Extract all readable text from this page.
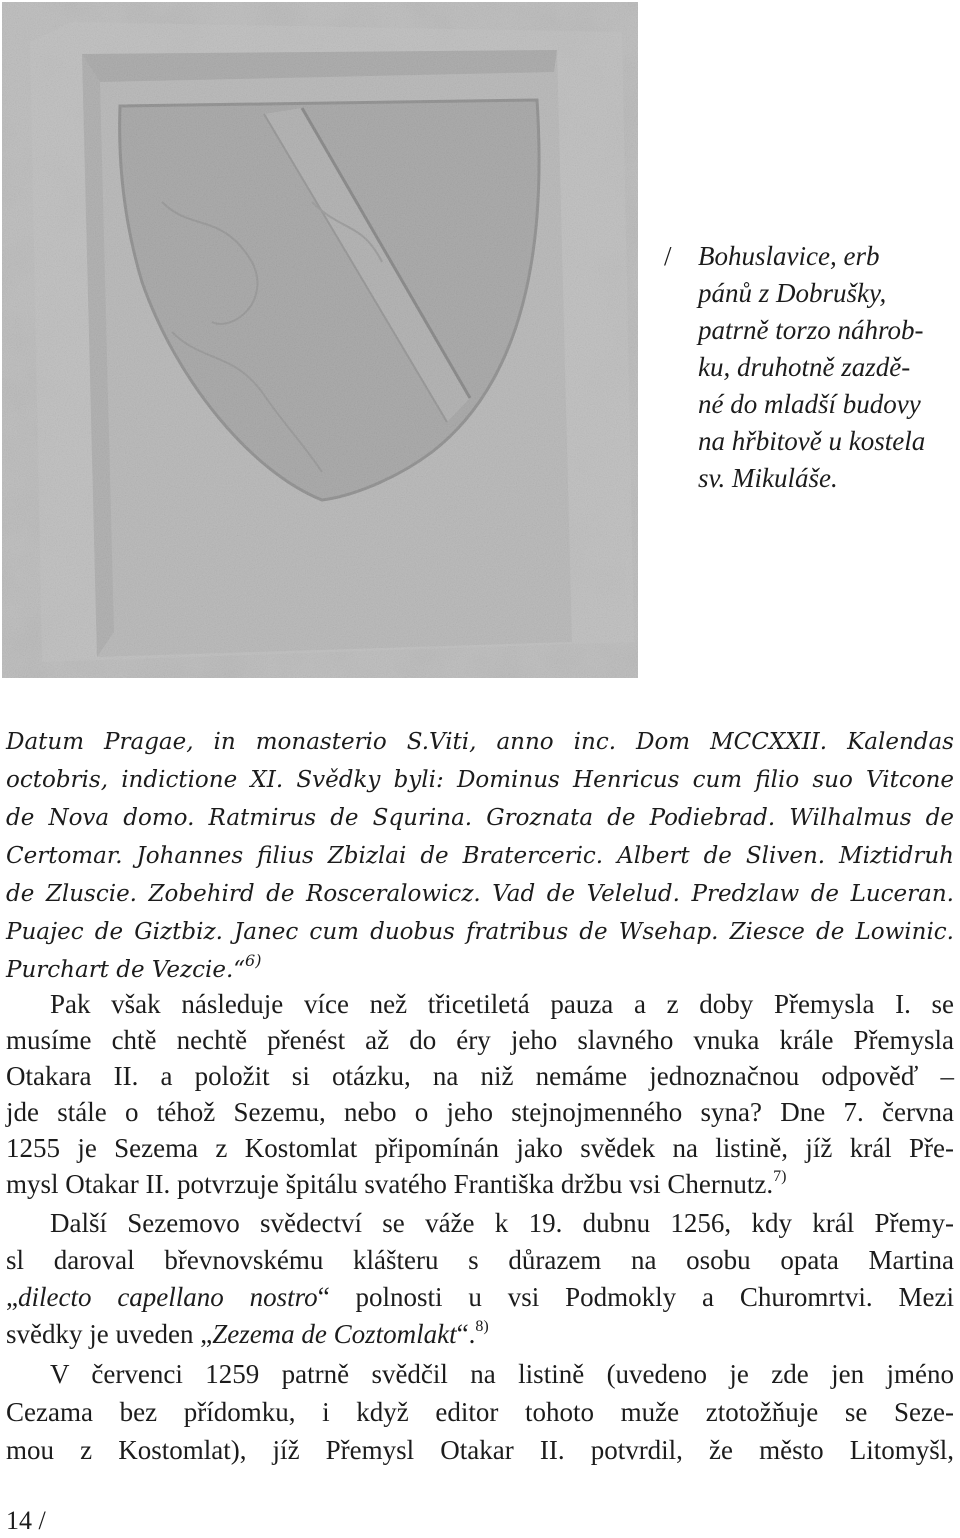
/ Bohuslavice, erb
pánů z Dobrušky,
patrně torzo náhrob-
ku, druhotně zazdě-
né do mladší budovy
na hřbitově u kostela
sv. Mikuláše.
Datum Pragae, in monasterio S.Viti, anno inc. Dom MCCXXII. Kalendas
octobris, indictione XI. Svědky byli: Dominus Henricus cum filio suo Vitcone
de Nova domo. Ratmirus de Squrina. Groznata de Podiebrad. Wilhalmus de
Certomar. Johannes filius Zbizlai de Braterceric. Albert de Sliven. Miztidruh
de Zluscie. Zobehird de Rosceralowicz. Vad de Velelud. Predzlaw de Luceran.
Puajec de Giztbiz. Janec cum duobus fratribus de Wsehap. Ziesce de Lowinic.
Purchart de Vezcie.“$^{6)}$
Pak však následuje více než třicetiletá pauza a z doby Přemysla I. se
musíme chtě nechtě přenést až do éry jeho slavného vnuka krále Přemysla
Otakara II. a položit si otázku, na niž nemáme jednoznačnou odpověď –
jde stále o téhož Sezemu, nebo o jeho stejnojmenného syna? Dne 7. června
1255 je Sezema z Kostomlat připomínán jako svědek na listině, jíž král Pře-
mysl Otakar II. potvrzuje špitálu svatého Františka držbu vsi Chernutz.$^{7)}$
Další Sezemovo svědectví se váže k 19. dubnu 1256, kdy král Přemy-
sl daroval břevnovskému klášteru s důrazem na osobu opata Martina
„dilecto capellano nostro“ polnosti u vsi Podmokly a Churomrtvi. Mezi
svědky je uveden „Zezema de Coztomlakt“.$^{8)}$
V červenci 1259 patrně svědčil na listině (uvedeno je zde jen jméno
Cezama bez přídomku, i když editor tohoto muže ztotožňuje se Seze-
mou z Kostomlat), jíž Přemysl Otakar II. potvrdil, že město Litomyšl,
14 /
